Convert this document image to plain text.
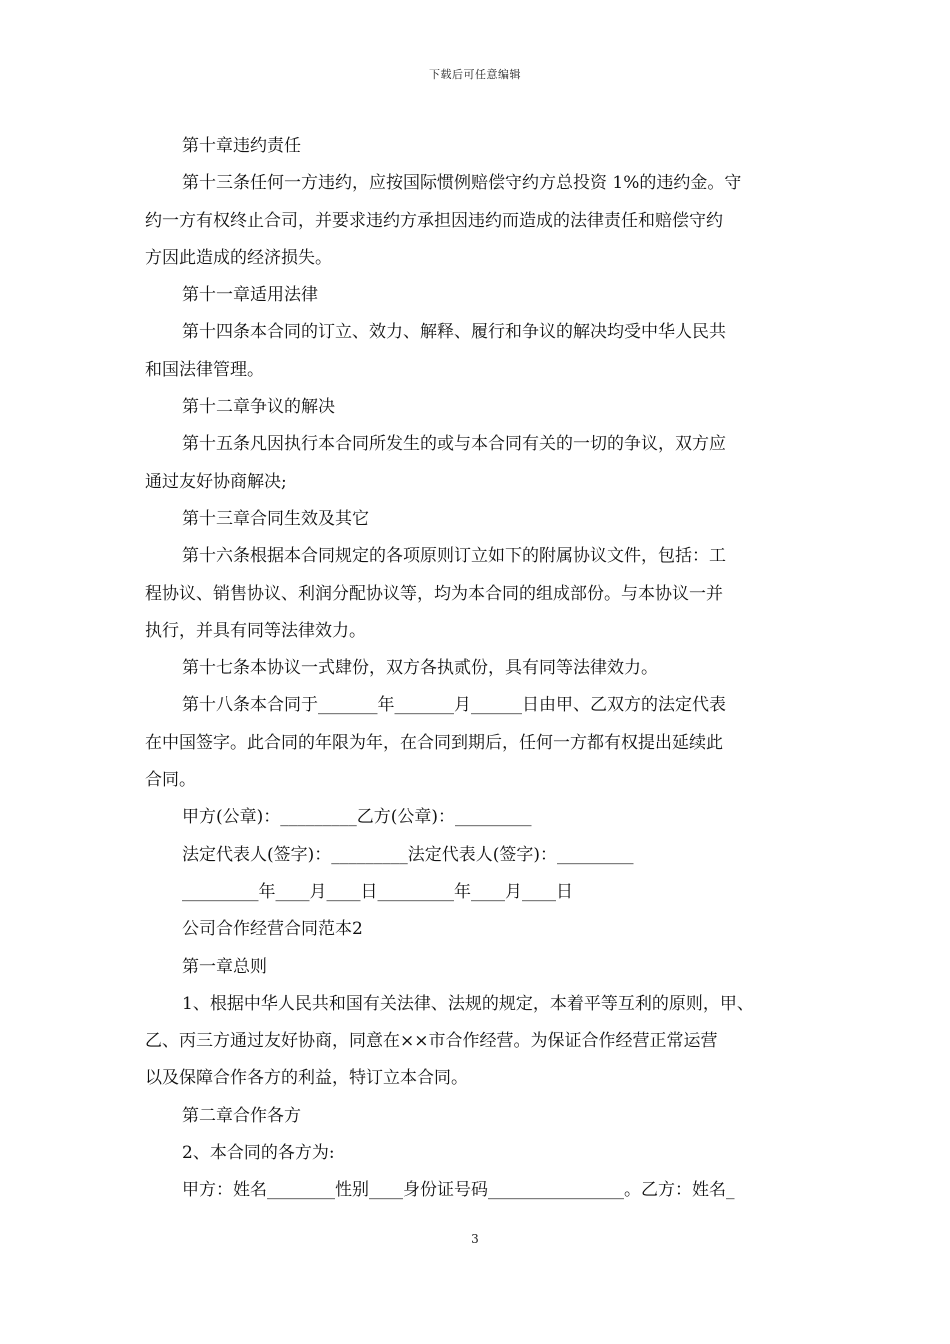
下载后可任意编辑
第十章违约责任
第十三条任何一方违约，应按国际惯例赔偿守约方总投资 1%的违约金。守
约一方有权终止合司，并要求违约方承担因违约而造成的法律责任和赔偿守约
方因此造成的经济损失。
第十一章适用法律
第十四条本合同的订立、效力、解释、履行和争议的解决均受中华人民共
和国法律管理。
第十二章争议的解决
第十五条凡因执行本合同所发生的或与本合同有关的一切的争议，双方应
通过友好协商解决;
第十三章合同生效及其它
第十六条根据本合同规定的各项原则订立如下的附属协议文件，包括：工
程协议、销售协议、利润分配协议等，均为本合同的组成部份。与本协议一并
执行，并具有同等法律效力。
第十七条本协议一式肆份，双方各执贰份，具有同等法律效力。
第十八条本合同于_______年_______月______日由甲、乙双方的法定代表
在中国签字。此合同的年限为年，在合同到期后，任何一方都有权提出延续此
合同。
甲方(公章)：_________乙方(公章)：_________
法定代表人(签字)：_________法定代表人(签字)：_________
_________年____月____日_________年____月____日
公司合作经营合同范本2
第一章总则
1、根据中华人民共和国有关法律、法规的规定，本着平等互利的原则，甲、
乙、丙三方通过友好协商，同意在××市合作经营。为保证合作经营正常运营
以及保障合作各方的利益，特订立本合同。
第二章合作各方
2、本合同的各方为:
甲方：姓名________性别____身份证号码________________。乙方：姓名_
3
